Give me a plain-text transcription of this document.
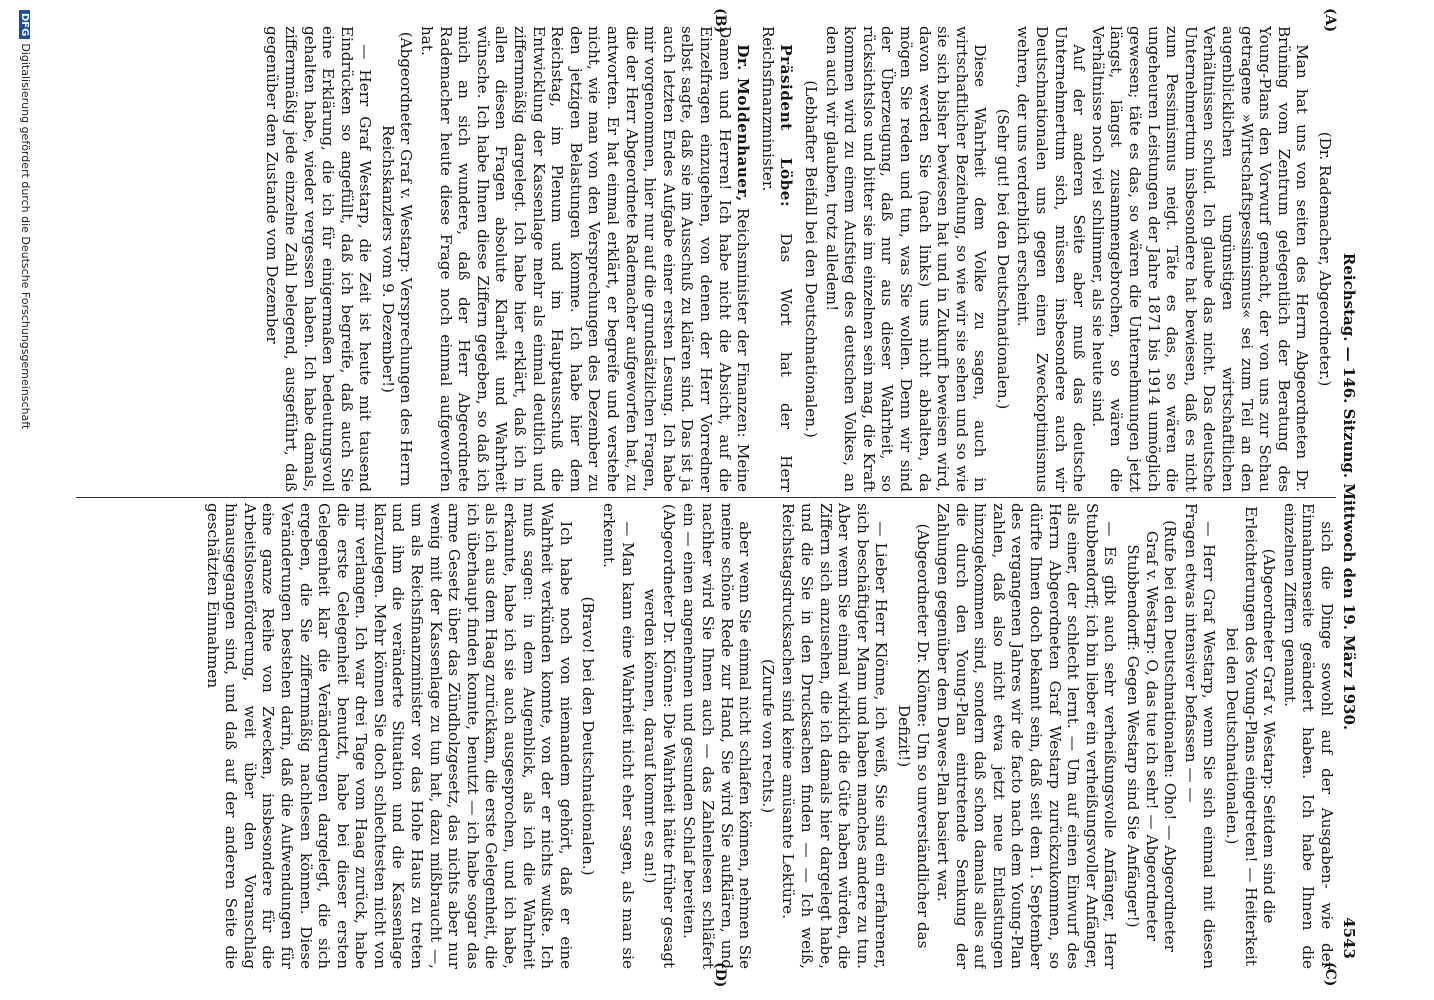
Reichstag. — 146. Sitzung. Mittwoch den 19. März 1930.
4543
(A)
(B)
(C)
(D)

(Dr. Rademacher, Abgeordneter.)

Man hat uns von seiten des Herrn Abgeordneten Dr. Brüning vom Zentrum gelegentlich der Beratung des Young-Plans den Vorwurf gemacht, der von uns zur Schau getragene »Wirtschaftspessimismus« sei zum Teil an den augenblicklichen ungünstigen wirtschaftlichen Verhältnissen schuld. Ich glaube das nicht. Das deutsche Unternehmertum insbesondere hat bewiesen, daß es nicht zum Pessimismus neigt. Täte es das, so wären die ungeheuren Leistungen der Jahre 1871 bis 1914 unmöglich gewesen; täte es das, so wären die Unternehmungen jetzt längst, längst zusammengebrochen, so wären die Verhältnisse noch viel schlimmer, als sie heute sind.

Auf der anderen Seite aber muß das deutsche Unternehmertum sich, müssen insbesondere auch wir Deutschnationalen uns gegen einen Zweckoptimismus wehren, der uns verderblich erscheint.

(Sehr gut! bei den Deutschnationalen.)

Diese Wahrheit dem Volke zu sagen, auch in wirtschaftlicher Beziehung, so wie wir sie sehen und so wie sie sich bisher bewiesen hat und in Zukunft beweisen wird, davon werden Sie (nach links) uns nicht abhalten, da mögen Sie reden und tun, was Sie wollen. Denn wir sind der Überzeugung, daß nur aus dieser Wahrheit, so rücksichtslos und bitter sie im einzelnen sein mag, die Kraft kommen wird zu einem Aufstieg des deutschen Volkes, an den auch wir glauben, trotz alledem!

(Lebhafter Beifall bei den Deutschnationalen.)

Präsident Löbe: Das Wort hat der Herr Reichsfinanzminister.

Dr. Moldenhauer, Reichsminister der Finanzen: Meine Damen und Herren! Ich habe nicht die Absicht, auf die Einzelfragen einzugehen, von denen der Herr Vorredner selbst sagte, daß sie im Ausschuß zu klären sind. Das ist ja auch letzten Endes Aufgabe einer ersten Lesung. Ich habe mir vorgenommen, hier nur auf die grundsätzlichen Fragen, die der Herr Abgeordnete Rademacher aufgeworfen hat, zu antworten. Er hat einmal erklärt, er begreife und verstehe nicht, wie man von den Versprechungen des Dezember zu den jetzigen Belastungen komme. Ich habe hier dem Reichstag, im Plenum und im Hauptausschuß die Entwicklung der Kassenlage mehr als einmal deutlich und ziffernmäßig dargelegt. Ich habe hier erklärt, daß ich in allen diesen Fragen absolute Klarheit und Wahrheit wünsche. Ich habe Ihnen diese Ziffern gegeben, so daß ich mich an sich wundere, daß der Herr Abgeordnete Rademacher heute diese Frage noch einmal aufgeworfen hat.

(Abgeordneter Graf v. Westarp: Versprechungen des Herrn Reichskanzlers vom 9. Dezember!)

— Herr Graf Westarp, die Zeit ist heute mit tausend Eindrücken so angefüllt, daß ich begreife, daß auch Sie eine Erklärung, die ich für einigermaßen bedeutungsvoll gehalten habe, wieder vergessen haben. Ich habe damals, ziffernmäßig jede einzelne Zahl belegend, ausgeführt, daß gegenüber dem Zustande vom Dezember

sich die Dinge sowohl auf der Ausgaben- wie der Einnahmenseite geändert haben. Ich habe Ihnen die einzelnen Ziffern genannt.

(Abgeordneter Graf v. Westarp: Seitdem sind die Erleichterungen des Young-Plans eingetreten! — Heiterkeit bei den Deutschnationalen.)

— Herr Graf Westarp, wenn Sie sich einmal mit diesen Fragen etwas intensiver befassen — —

(Rufe bei den Deutschnationalen: Oho! — Abgeordneter Graf v. Westarp: O, das tue ich sehr! — Abgeordneter Stubbendorff: Gegen Westarp sind Sie Anfänger!)

— Es gibt auch sehr verheißungsvolle Anfänger, Herr Stubbendorff; ich bin lieber ein verheißungsvoller Anfänger, als einer, der schlecht lernt. — Um auf einen Einwurf des Herrn Abgeordneten Graf Westarp zurückzukommen, so dürfte Ihnen doch bekannt sein, daß seit dem 1. September des vergangenen Jahres wir de facto nach dem Young-Plan zahlen, daß also nicht etwa jetzt neue Entlastungen hinzugekommen sind, sondern daß schon damals alles auf die durch den Young-Plan eintretende Senkung der Zahlungen gegenüber dem Dawes-Plan basiert war.

(Abgeordneter Dr. Klönne: Um so unverständlicher das Defizit!)

— Lieber Herr Klönne, ich weiß, Sie sind ein erfahrener, sich beschäftigter Mann und haben manches andere zu tun. Aber wenn Sie einmal wirklich die Güte haben würden, die Ziffern sich anzusehen, die ich damals hier dargelegt habe, und die Sie in den Drucksachen finden — — Ich weiß, Reichstagsdrucksachen sind keine amüsante Lektüre.

(Zurufe von rechts.)

aber wenn Sie einmal nicht schlafen können, nehmen Sie meine schöne Rede zur Hand, Sie wird Sie aufklären, und nachher wird Sie Ihnen auch — das Zahlenlesen schläfert ein — einen angenehmen und gesunden Schlaf bereiten.

(Abgeordneter Dr. Klönne: Die Wahrheit hätte früher gesagt werden können, darauf kommt es an!)

— Man kann eine Wahrheit nicht eher sagen, als man sie erkennt.

(Bravo! bei den Deutschnationalen.)

Ich habe noch von niemandem gehört, daß er eine Wahrheit verkünden konnte, von der er nichts wußte. Ich muß sagen: in dem Augenblick, als ich die Wahrheit erkannte, habe ich sie auch ausgesprochen, und ich habe, als ich aus dem Haag zurückkam, die erste Gelegenheit, die ich überhaupt finden konnte, benutzt — ich habe sogar das arme Gesetz über das Zündholzgesetz, das nichts aber nur wenig mit der Kassenlage zu tun hat, dazu mißbraucht —, um als Reichsfinanzminister vor das Hohe Haus zu treten und ihm die veränderte Situation und die Kassenlage klarzulegen. Mehr können Sie doch schlechtesten nicht von mir verlangen. Ich war drei Tage vom Haag zurück, habe die erste Gelegenheit benutzt, habe bei dieser ersten Gelegenheit klar die Veränderungen dargelegt, die sich ergeben, die Sie ziffernmäßig nachlesen können. Diese Veränderungen bestehen darin, daß die Aufwendungen für eine ganze Reihe von Zwecken, insbesondere für die Arbeitslosenförderung, weit über den Voranschlag hinausgegangen sind, und daß auf der anderen Seite die geschätzten Einnahmen

DFGDigitalisierung gefördert durch die Deutsche Forschungsgemeinschaft
